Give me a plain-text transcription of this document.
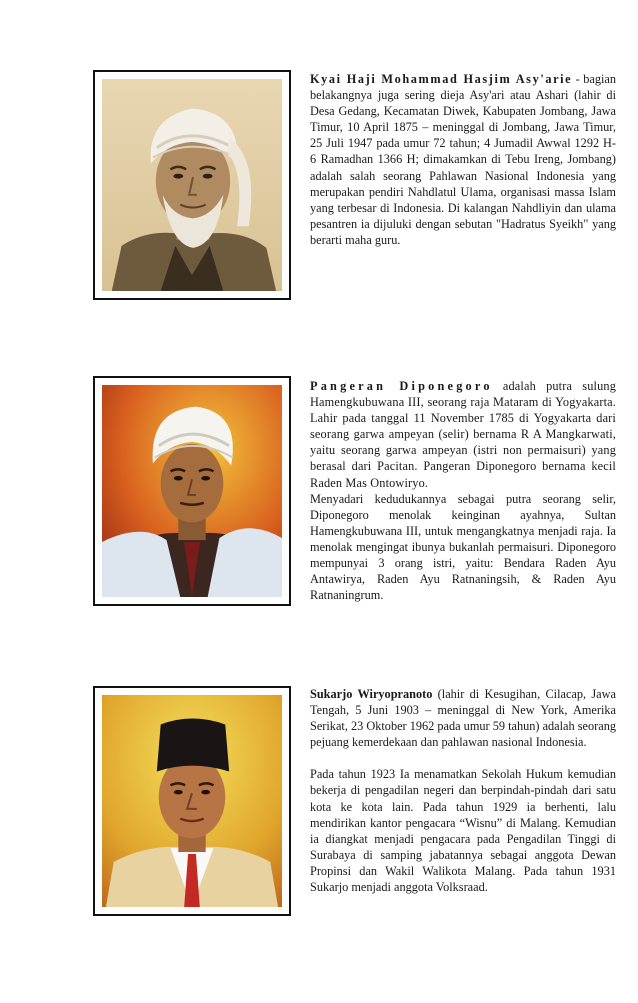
Kyai Haji Mohammad Hasjim Asy'arie - bagian belakangnya juga sering dieja Asy'ari atau Ashari (lahir di Desa Gedang, Kecamatan Diwek, Kabupaten Jombang, Jawa Timur, 10 April 1875 – meninggal di Jombang, Jawa Timur, 25 Juli 1947 pada umur 72 tahun; 4 Jumadil Awwal 1292 H- 6 Ramadhan 1366 H; dimakamkan di Tebu Ireng, Jombang) adalah salah seorang Pahlawan Nasional Indonesia yang merupakan pendiri Nahdlatul Ulama, organisasi massa Islam yang terbesar di Indonesia. Di kalangan Nahdliyin dan ulama pesantren ia dijuluki dengan sebutan "Hadratus Syeikh" yang berarti maha guru.

Pangeran Diponegoro adalah putra sulung Hamengkubuwana III, seorang raja Mataram di Yogyakarta. Lahir pada tanggal 11 November 1785 di Yogyakarta dari seorang garwa ampeyan (selir) bernama R A Mangkarwati, yaitu seorang garwa ampeyan (istri non permaisuri) yang berasal dari Pacitan. Pangeran Diponegoro bernama kecil Raden Mas Ontowiryo.

Menyadari kedudukannya sebagai putra seorang selir, Diponegoro menolak keinginan ayahnya, Sultan Hamengkubuwana III, untuk mengangkatnya menjadi raja. Ia menolak mengingat ibunya bukanlah permaisuri. Diponegoro mempunyai 3 orang istri, yaitu: Bendara Raden Ayu Antawirya, Raden Ayu Ratnaningsih, & Raden Ayu Ratnaningrum.

Sukarjo Wiryopranoto (lahir di Kesugihan, Cilacap, Jawa Tengah, 5 Juni 1903 – meninggal di New York, Amerika Serikat, 23 Oktober 1962 pada umur 59 tahun) adalah seorang pejuang kemerdekaan dan pahlawan nasional Indonesia.

Pada tahun 1923 Ia menamatkan Sekolah Hukum kemudian bekerja di pengadilan negeri dan berpindah-pindah dari satu kota ke kota lain. Pada tahun 1929 ia berhenti, lalu mendirikan kantor pengacara “Wisnu” di Malang. Kemudian ia diangkat menjadi pengacara pada Pengadilan Tinggi di Surabaya di samping jabatannya sebagai anggota Dewan Propinsi dan Wakil Walikota Malang. Pada tahun 1931 Sukarjo menjadi anggota Volksraad.
